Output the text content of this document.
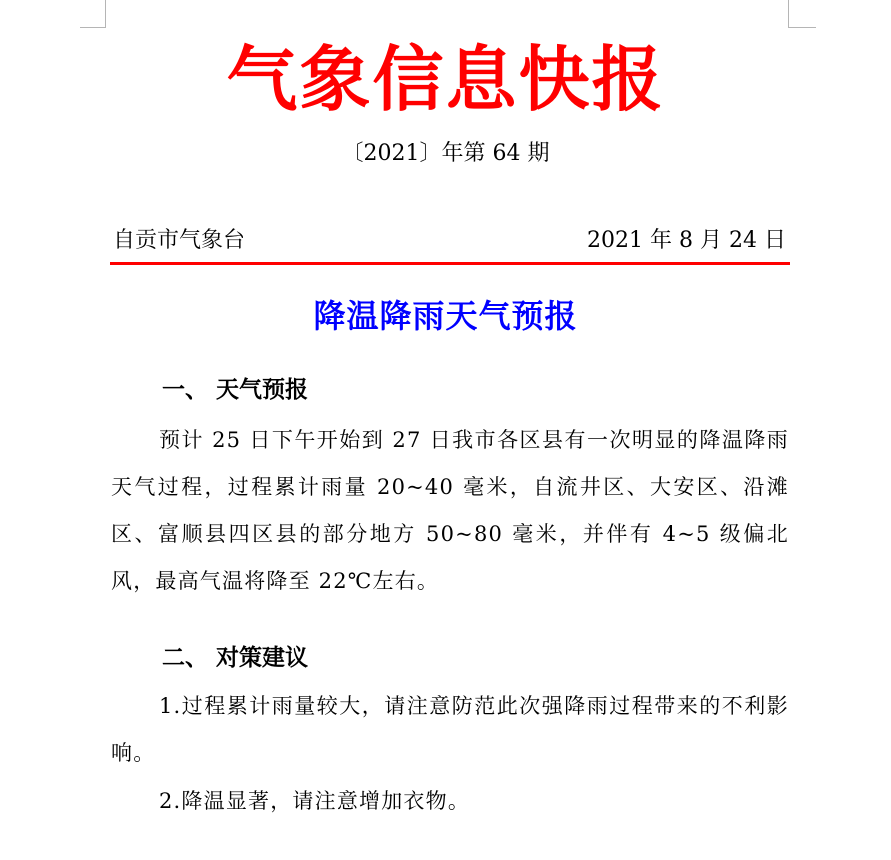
气象信息快报
〔2021〕年第 64 期
自贡市气象台	2021 年 8 月 24 日
降温降雨天气预报
一、 天气预报
预计 25 日下午开始到 27 日我市各区县有一次明显的降温降雨天气过程，过程累计雨量 20~40 毫米，自流井区、大安区、沿滩区、富顺县四区县的部分地方 50~80 毫米，并伴有 4~5 级偏北风，最高气温将降至 22℃左右。
二、 对策建议
1.过程累计雨量较大，请注意防范此次强降雨过程带来的不利影响。
2.降温显著，请注意增加衣物。
